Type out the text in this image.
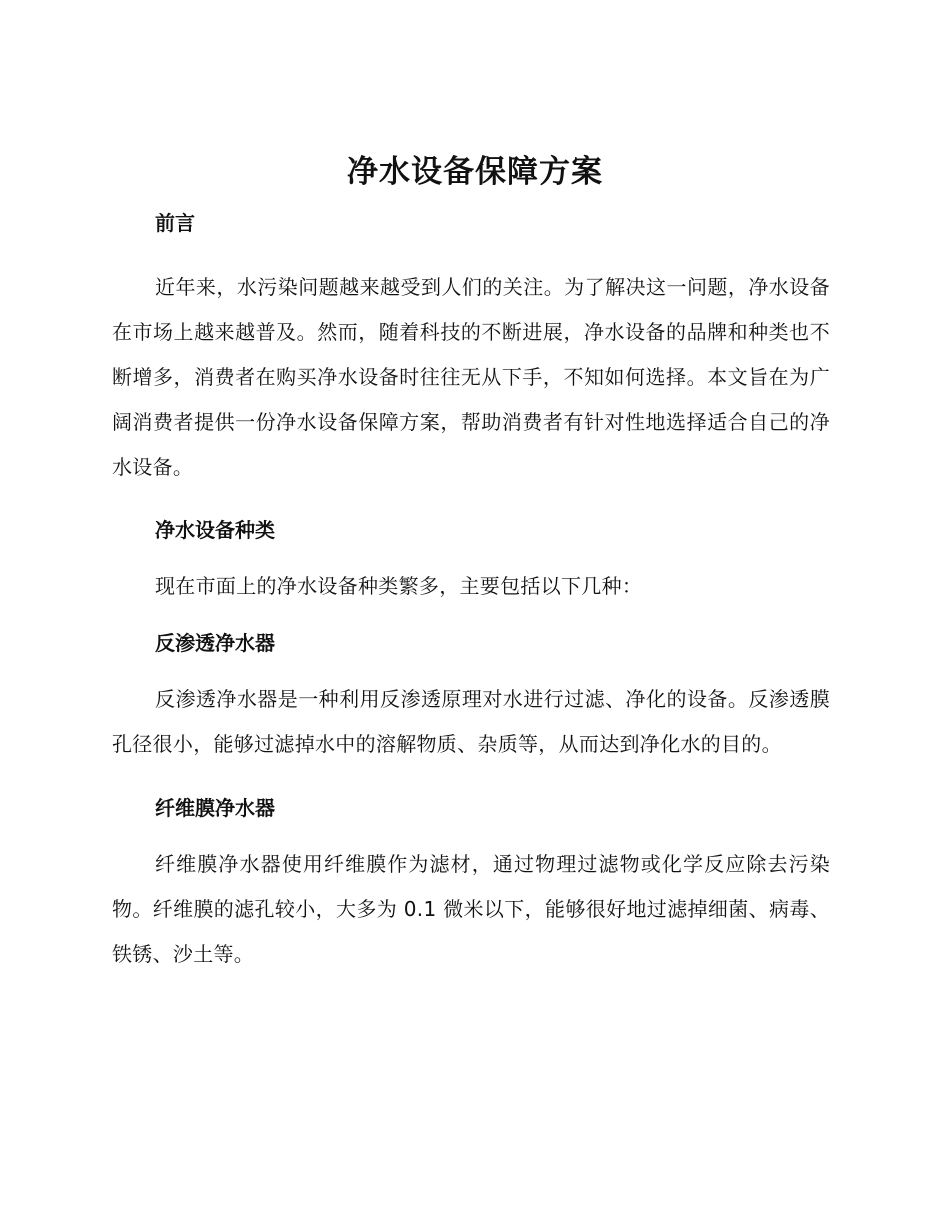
净水设备保障方案
前言

近年来，水污染问题越来越受到人们的关注。为了解决这一问题，净水设备在市场上越来越普及。然而，随着科技的不断进展，净水设备的品牌和种类也不断增多，消费者在购买净水设备时往往无从下手，不知如何选择。本文旨在为广阔消费者提供一份净水设备保障方案，帮助消费者有针对性地选择适合自己的净水设备。

净水设备种类

现在市面上的净水设备种类繁多，主要包括以下几种：

反渗透净水器

反渗透净水器是一种利用反渗透原理对水进行过滤、净化的设备。反渗透膜孔径很小，能够过滤掉水中的溶解物质、杂质等，从而达到净化水的目的。

纤维膜净水器

纤维膜净水器使用纤维膜作为滤材，通过物理过滤物或化学反应除去污染物。纤维膜的滤孔较小，大多为 0.1 微米以下，能够很好地过滤掉细菌、病毒、铁锈、沙土等。
